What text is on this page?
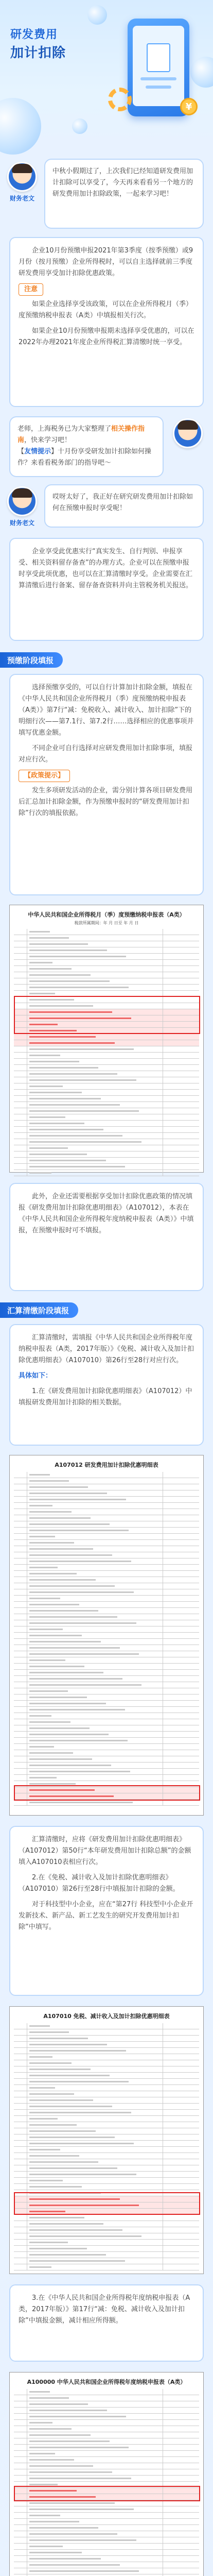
研发费用
加计扣除
¥
财务老文
中秋小假期过了，上次我们已经知道研发费用加计扣除可以享受了，今天再来看看另一个地方的研发费用加计扣除政策，一起来学习吧！

企业10月份预缴申报2021年第3季度（按季预缴）或9月份（按月预缴）企业所得税时，可以自主选择就前三季度研发费用享受加计扣除优惠政策。

注意

如果企业选择享受该政策，可以在企业所得税月（季）度预缴纳税申报表（A类）中填报相关行次。

如果企业10月份预缴申报期未选择享受优惠的，可以在2022年办理2021年度企业所得税汇算清缴时统一享受。

老师，上海税务已为大家整理了相关操作指南，快来学习吧！
【友情提示】十月份享受研发加计扣除如何操作？来看看税务部门的指导吧～
财务老文
哎呀太好了，我正好在研究研发费用加计扣除如何在预缴申报时享受呢！

企业享受此优惠实行“真实发生、自行判别、申报享受、相关资料留存备查”的办理方式。企业可以在预缴申报时享受此项优惠，也可以在汇算清缴时享受。企业需要在汇算清缴后进行备案、留存备查资料并向主管税务机关报送。

预缴阶段填报

选择预缴享受的，可以自行计算加计扣除金额，填报在《中华人民共和国企业所得税月（季）度预缴纳税申报表（A类）》第7行“减：免税收入、减计收入、加计扣除”下的明细行次——第7.1行、第7.2行……选择相应的优惠事项并填写优惠金额。

不同企业可自行选择对应研发费用加计扣除事项，填报对应行次。

【政策提示】

发生多项研发活动的企业，需分别计算各项目研发费用后汇总加计扣除金额，作为预缴申报时的“研发费用加计扣除”行次的填报依据。

中华人民共和国企业所得税月（季）度预缴纳税申报表（A类）
税款所属期间：年 月 日至 年 月 日

此外，企业还需要根据享受加计扣除优惠政策的情况填报《研发费用加计扣除优惠明细表》（A107012），本表在《中华人民共和国企业所得税年度纳税申报表（A类）》中填报，在预缴申报时可不填报。

汇算清缴阶段填报

汇算清缴时，需填报《中华人民共和国企业所得税年度纳税申报表（A类，2017年版）》《免税、减计收入及加计扣除优惠明细表》（A107010）第26行至28行对应行次。

具体如下：

1.在《研发费用加计扣除优惠明细表》（A107012）中填报研发费用加计扣除的相关数据。

A107012 研发费用加计扣除优惠明细表

汇算清缴时，应将《研发费用加计扣除优惠明细表》（A107012）第50行“本年研发费用加计扣除总额”的金额填入A107010表相应行次。

2.在《免税、减计收入及加计扣除优惠明细表》（A107010）第26行至28行中填报加计扣除的金额。

对于科技型中小企业，应在“第27行 科技型中小企业开发新技术、新产品、新工艺发生的研究开发费用加计扣除”中填写。

A107010 免税、减计收入及加计扣除优惠明细表

3.在《中华人民共和国企业所得税年度纳税申报表（A类，2017年版）》第17行“减：免税、减计收入及加计扣除”中填报金额，减计相应所得额。

A100000 中华人民共和国企业所得税年度纳税申报表（A类）
